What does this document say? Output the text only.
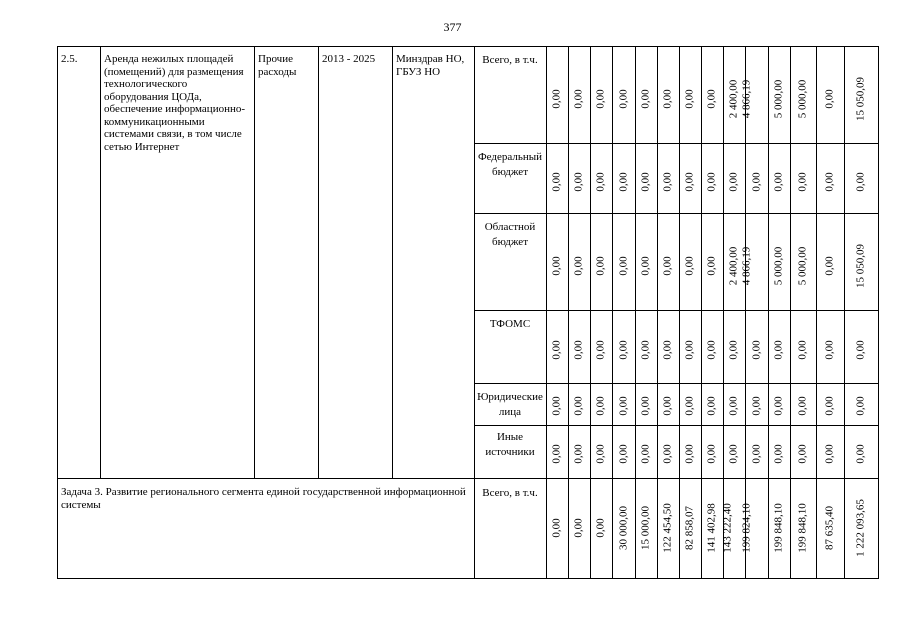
377
2.5.	Аренда нежилых площадей (помещений) для размещения технологического оборудования ЦОДа, обеспечение информационно-коммуникационными системами связи, в том числе сетью Интернет
Прочие расходы
2013 - 2025	Минздрав НО, ГБУЗ НО
Всего, в т.ч.
Федеральный бюджет
Областной бюджет
ТФОМС
Юридические лица
Иные источники
0,00 0,00 0,00 0,00 0,00 0,00 0,00 0,00 2 400,00 4 866,19 5 000,00 5 000,00 0,00 15 050,09
0,00 0,00 0,00 0,00 0,00 0,00 0,00 0,00 0,00 0,00 0,00 0,00 0,00 0,00
0,00 0,00 0,00 0,00 0,00 0,00 0,00 0,00 2 400,00 4 866,19 5 000,00 5 000,00 0,00 15 050,09
0,00 0,00 0,00 0,00 0,00 0,00 0,00 0,00 0,00 0,00 0,00 0,00 0,00 0,00
0,00 0,00 0,00 0,00 0,00 0,00 0,00 0,00 0,00 0,00 0,00 0,00 0,00 0,00
0,00 0,00 0,00 0,00 0,00 0,00 0,00 0,00 0,00 0,00 0,00 0,00 0,00 0,00
Задача 3. Развитие регионального сегмента единой государственной информационной системы
Всего, в т.ч.
0,00 0,00 0,00 30 000,00 15 000,00 122 454,50 82 858,07 141 402,98 143 222,40 199 824,10 199 848,10 199 848,10 87 635,40 1 222 093,65
